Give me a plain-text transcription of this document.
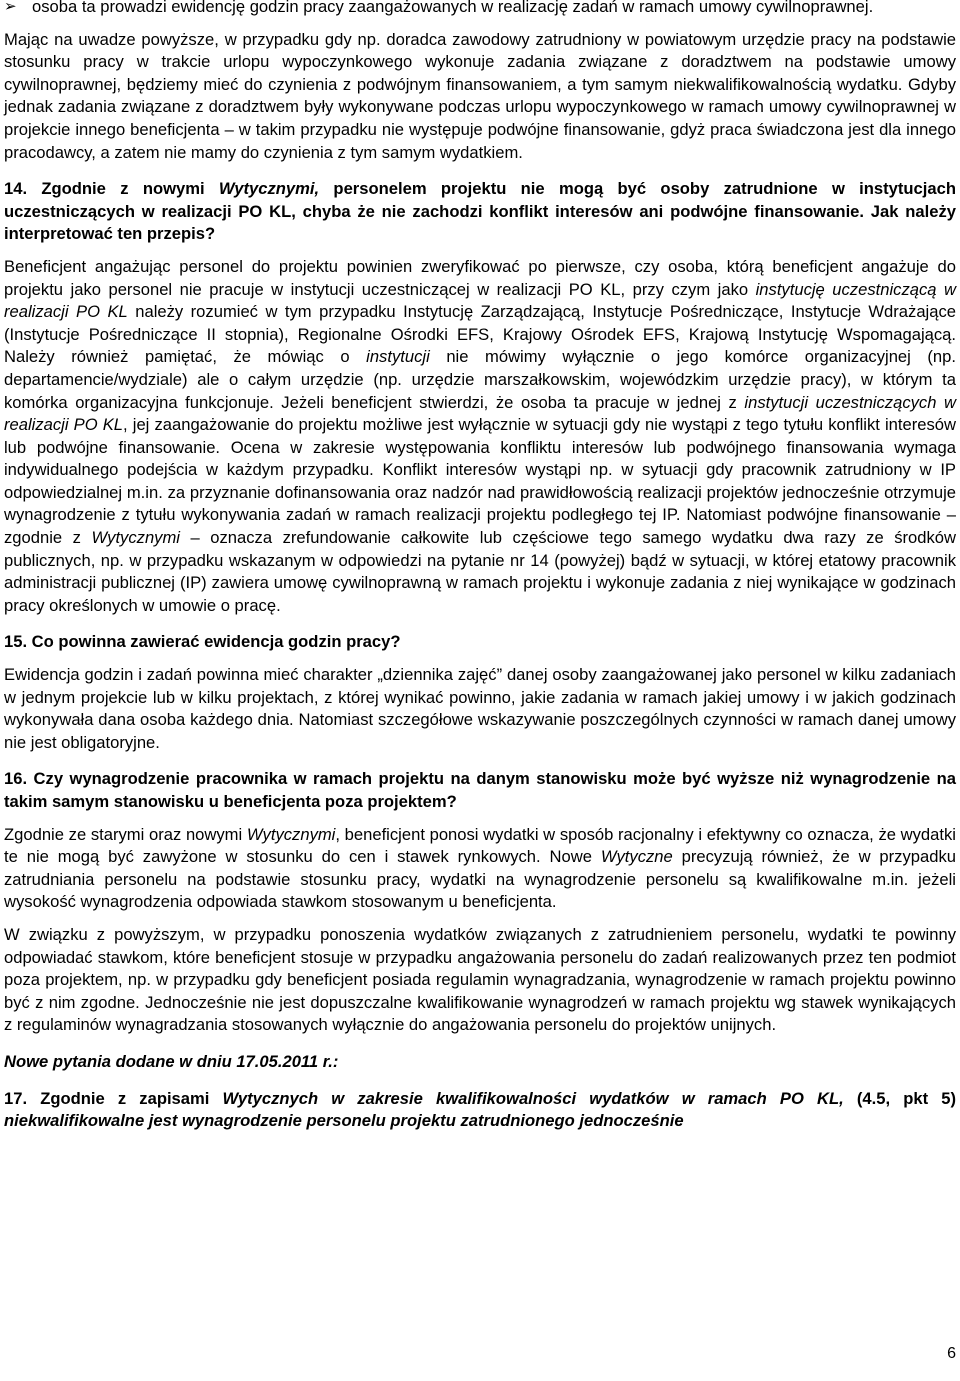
➢ osoba ta prowadzi ewidencję godzin pracy zaangażowanych w realizację zadań w ramach umowy cywilnoprawnej.

Mając na uwadze powyższe, w przypadku gdy np. doradca zawodowy zatrudniony w powiatowym urzędzie pracy na podstawie stosunku pracy w trakcie urlopu wypoczynkowego wykonuje zadania związane z doradztwem na podstawie umowy cywilnoprawnej, będziemy mieć do czynienia z podwójnym finansowaniem, a tym samym niekwalifikowalnością wydatku. Gdyby jednak zadania związane z doradztwem były wykonywane podczas urlopu wypoczynkowego w ramach umowy cywilnoprawnej w projekcie innego beneficjenta – w takim przypadku nie występuje podwójne finansowanie, gdyż praca świadczona jest dla innego pracodawcy, a zatem nie mamy do czynienia z tym samym wydatkiem.

14. Zgodnie z nowymi Wytycznymi, personelem projektu nie mogą być osoby zatrudnione w instytucjach uczestniczących w realizacji PO KL, chyba że nie zachodzi konflikt interesów ani podwójne finansowanie. Jak należy interpretować ten przepis?

Beneficjent angażując personel do projektu powinien zweryfikować po pierwsze, czy osoba, którą beneficjent angażuje do projektu jako personel nie pracuje w instytucji uczestniczącej w realizacji PO KL, przy czym jako instytucję uczestniczącą w realizacji PO KL należy rozumieć w tym przypadku Instytucję Zarządzającą, Instytucje Pośredniczące, Instytucje Wdrażające (Instytucje Pośredniczące II stopnia), Regionalne Ośrodki EFS, Krajowy Ośrodek EFS, Krajową Instytucję Wspomagającą. Należy również pamiętać, że mówiąc o instytucji nie mówimy wyłącznie o jego komórce organizacyjnej (np. departamencie/wydziale) ale o całym urzędzie (np. urzędzie marszałkowskim, wojewódzkim urzędzie pracy), w którym ta komórka organizacyjna funkcjonuje. Jeżeli beneficjent stwierdzi, że osoba ta pracuje w jednej z instytucji uczestniczących w realizacji PO KL, jej zaangażowanie do projektu możliwe jest wyłącznie w sytuacji gdy nie wystąpi z tego tytułu konflikt interesów lub podwójne finansowanie. Ocena w zakresie występowania konfliktu interesów lub podwójnego finansowania wymaga indywidualnego podejścia w każdym przypadku. Konflikt interesów wystąpi np. w sytuacji gdy pracownik zatrudniony w IP odpowiedzialnej m.in. za przyznanie dofinansowania oraz nadzór nad prawidłowością realizacji projektów jednocześnie otrzymuje wynagrodzenie z tytułu wykonywania zadań w ramach realizacji projektu podległego tej IP. Natomiast podwójne finansowanie – zgodnie z Wytycznymi – oznacza zrefundowanie całkowite lub częściowe tego samego wydatku dwa razy ze środków publicznych, np. w przypadku wskazanym w odpowiedzi na pytanie nr 14 (powyżej) bądź w sytuacji, w której etatowy pracownik administracji publicznej (IP) zawiera umowę cywilnoprawną w ramach projektu i wykonuje zadania z niej wynikające w godzinach pracy określonych w umowie o pracę.

15. Co powinna zawierać ewidencja godzin pracy?

Ewidencja godzin i zadań powinna mieć charakter „dziennika zajęć” danej osoby zaangażowanej jako personel w kilku zadaniach w jednym projekcie lub w kilku projektach, z której wynikać powinno, jakie zadania w ramach jakiej umowy i w jakich godzinach wykonywała dana osoba każdego dnia. Natomiast szczegółowe wskazywanie poszczególnych czynności w ramach danej umowy nie jest obligatoryjne.

16. Czy wynagrodzenie pracownika w ramach projektu na danym stanowisku może być wyższe niż wynagrodzenie na takim samym stanowisku u beneficjenta poza projektem?

Zgodnie ze starymi oraz nowymi Wytycznymi, beneficjent ponosi wydatki w sposób racjonalny i efektywny co oznacza, że wydatki te nie mogą być zawyżone w stosunku do cen i stawek rynkowych. Nowe Wytyczne precyzują również, że w przypadku zatrudniania personelu na podstawie stosunku pracy, wydatki na wynagrodzenie personelu są kwalifikowalne m.in. jeżeli wysokość wynagrodzenia odpowiada stawkom stosowanym u beneficjenta.

W związku z powyższym, w przypadku ponoszenia wydatków związanych z zatrudnieniem personelu, wydatki te powinny odpowiadać stawkom, które beneficjent stosuje w przypadku angażowania personelu do zadań realizowanych przez ten podmiot poza projektem, np. w przypadku gdy beneficjent posiada regulamin wynagradzania, wynagrodzenie w ramach projektu powinno być z nim zgodne. Jednocześnie nie jest dopuszczalne kwalifikowanie wynagrodzeń w ramach projektu wg stawek wynikających z regulaminów wynagradzania stosowanych wyłącznie do angażowania personelu do projektów unijnych.

Nowe pytania dodane w dniu 17.05.2011 r.:

17. Zgodnie z zapisami Wytycznych w zakresie kwalifikowalności wydatków w ramach PO KL, (4.5, pkt 5) niekwalifikowalne jest wynagrodzenie personelu projektu zatrudnionego jednocześnie

6
